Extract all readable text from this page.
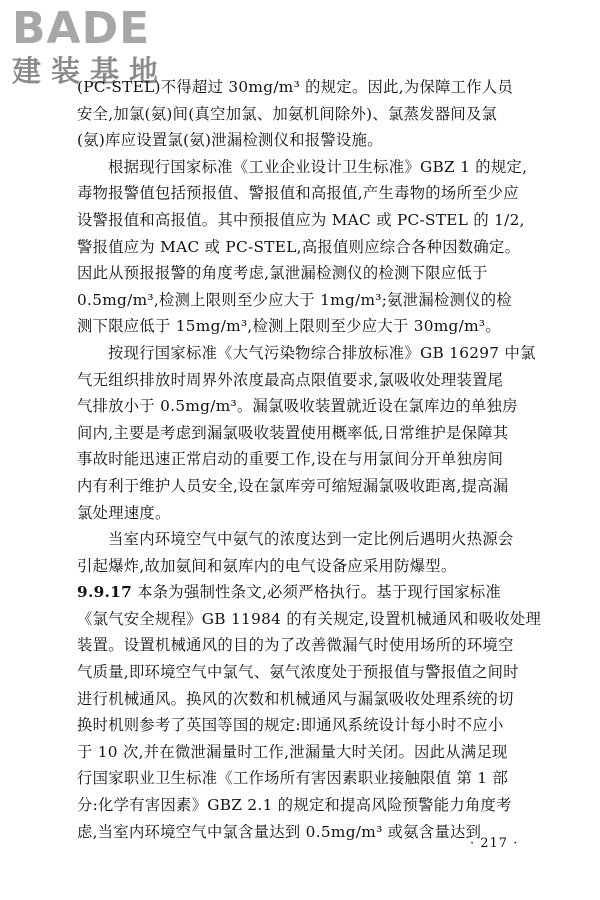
BADE
建装基地
(PC-STEL)不得超过 30mg/m³ 的规定。因此,为保障工作人员
安全,加氯(氨)间(真空加氯、加氨机间除外)、氯蒸发器间及氯
(氨)库应设置氯(氨)泄漏检测仪和报警设施。
根据现行国家标准《工业企业设计卫生标准》GBZ 1 的规定,
毒物报警值包括预报值、警报值和高报值,产生毒物的场所至少应
设警报值和高报值。其中预报值应为 MAC 或 PC-STEL 的 1/2,
警报值应为 MAC 或 PC-STEL,高报值则应综合各种因数确定。
因此从预报报警的角度考虑,氯泄漏检测仪的检测下限应低于
0.5mg/m³,检测上限则至少应大于 1mg/m³;氨泄漏检测仪的检
测下限应低于 15mg/m³,检测上限则至少应大于 30mg/m³。
按现行国家标准《大气污染物综合排放标准》GB 16297 中氯
气无组织排放时周界外浓度最高点限值要求,氯吸收处理装置尾
气排放小于 0.5mg/m³。漏氯吸收装置就近设在氯库边的单独房
间内,主要是考虑到漏氯吸收装置使用概率低,日常维护是保障其
事故时能迅速正常启动的重要工作,设在与用氯间分开单独房间
内有利于维护人员安全,设在氯库旁可缩短漏氯吸收距离,提高漏
氯处理速度。
当室内环境空气中氨气的浓度达到一定比例后遇明火热源会
引起爆炸,故加氨间和氨库内的电气设备应采用防爆型。
9.9.17 本条为强制性条文,必须严格执行。基于现行国家标准
《氯气安全规程》GB 11984 的有关规定,设置机械通风和吸收处理
装置。设置机械通风的目的为了改善微漏气时使用场所的环境空
气质量,即环境空气中氯气、氨气浓度处于预报值与警报值之间时
进行机械通风。换风的次数和机械通风与漏氯吸收处理系统的切
换时机则参考了英国等国的规定:即通风系统设计每小时不应小
于 10 次,并在微泄漏量时工作,泄漏量大时关闭。因此从满足现
行国家职业卫生标准《工作场所有害因素职业接触限值 第 1 部
分:化学有害因素》GBZ 2.1 的规定和提高风险预警能力角度考
虑,当室内环境空气中氯含量达到 0.5mg/m³ 或氨含量达到
· 217 ·
